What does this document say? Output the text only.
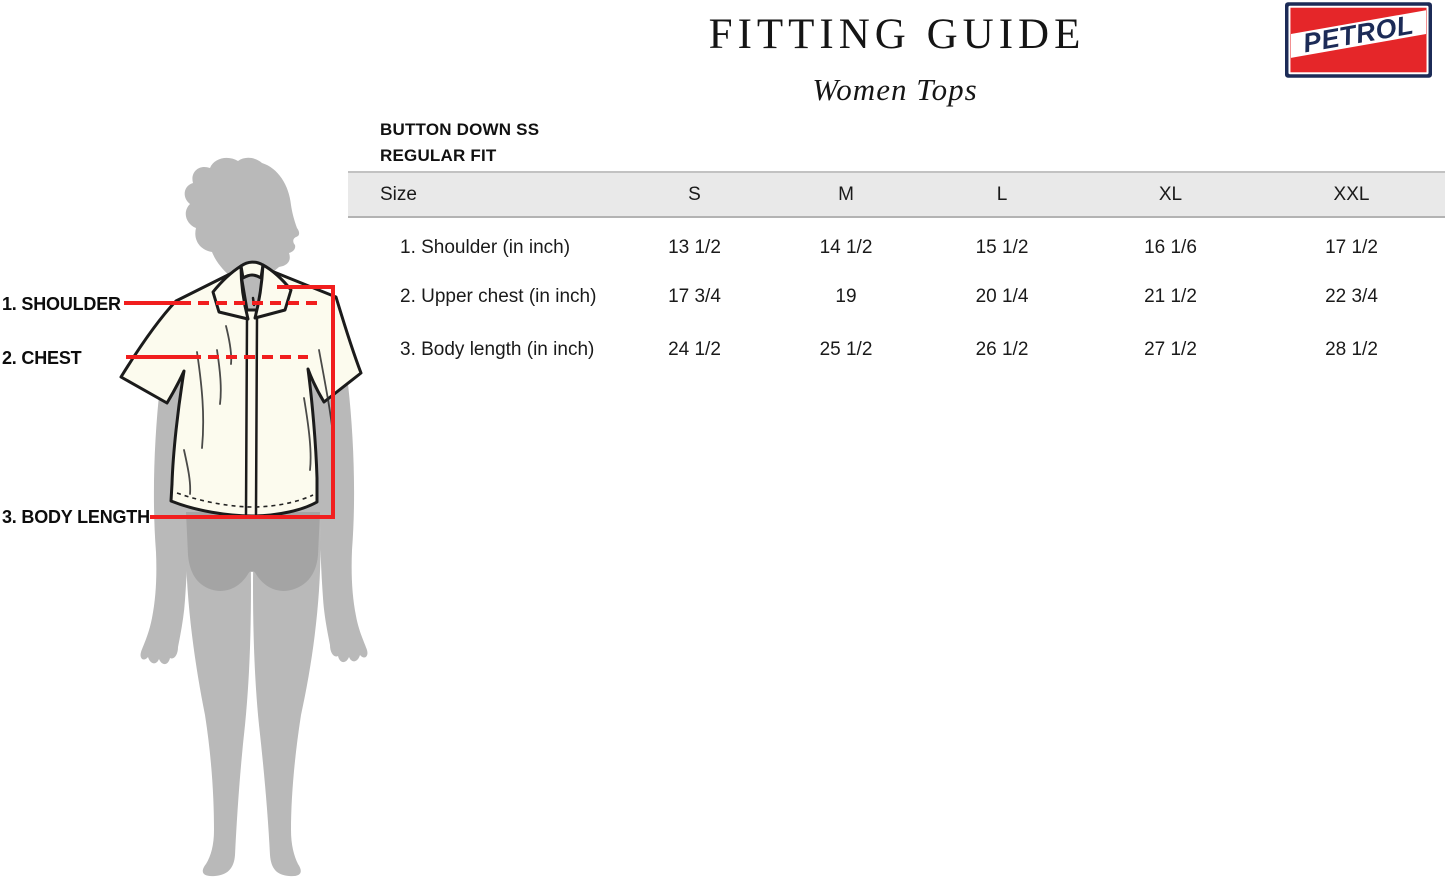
FITTING GUIDE
Women Tops
PETROL
BUTTON DOWN SS
REGULAR FIT
Size	S	M	L	XL	XXL
1. Shoulder (in inch)	13 1/2	14 1/2	15 1/2	16 1/6	17 1/2
2. Upper chest (in inch)	17 3/4	19	20 1/4	21 1/2	22 3/4
3. Body length (in inch)	24 1/2	25 1/2	26 1/2	27 1/2	28 1/2
1. SHOULDER
2. CHEST
3. BODY LENGTH
